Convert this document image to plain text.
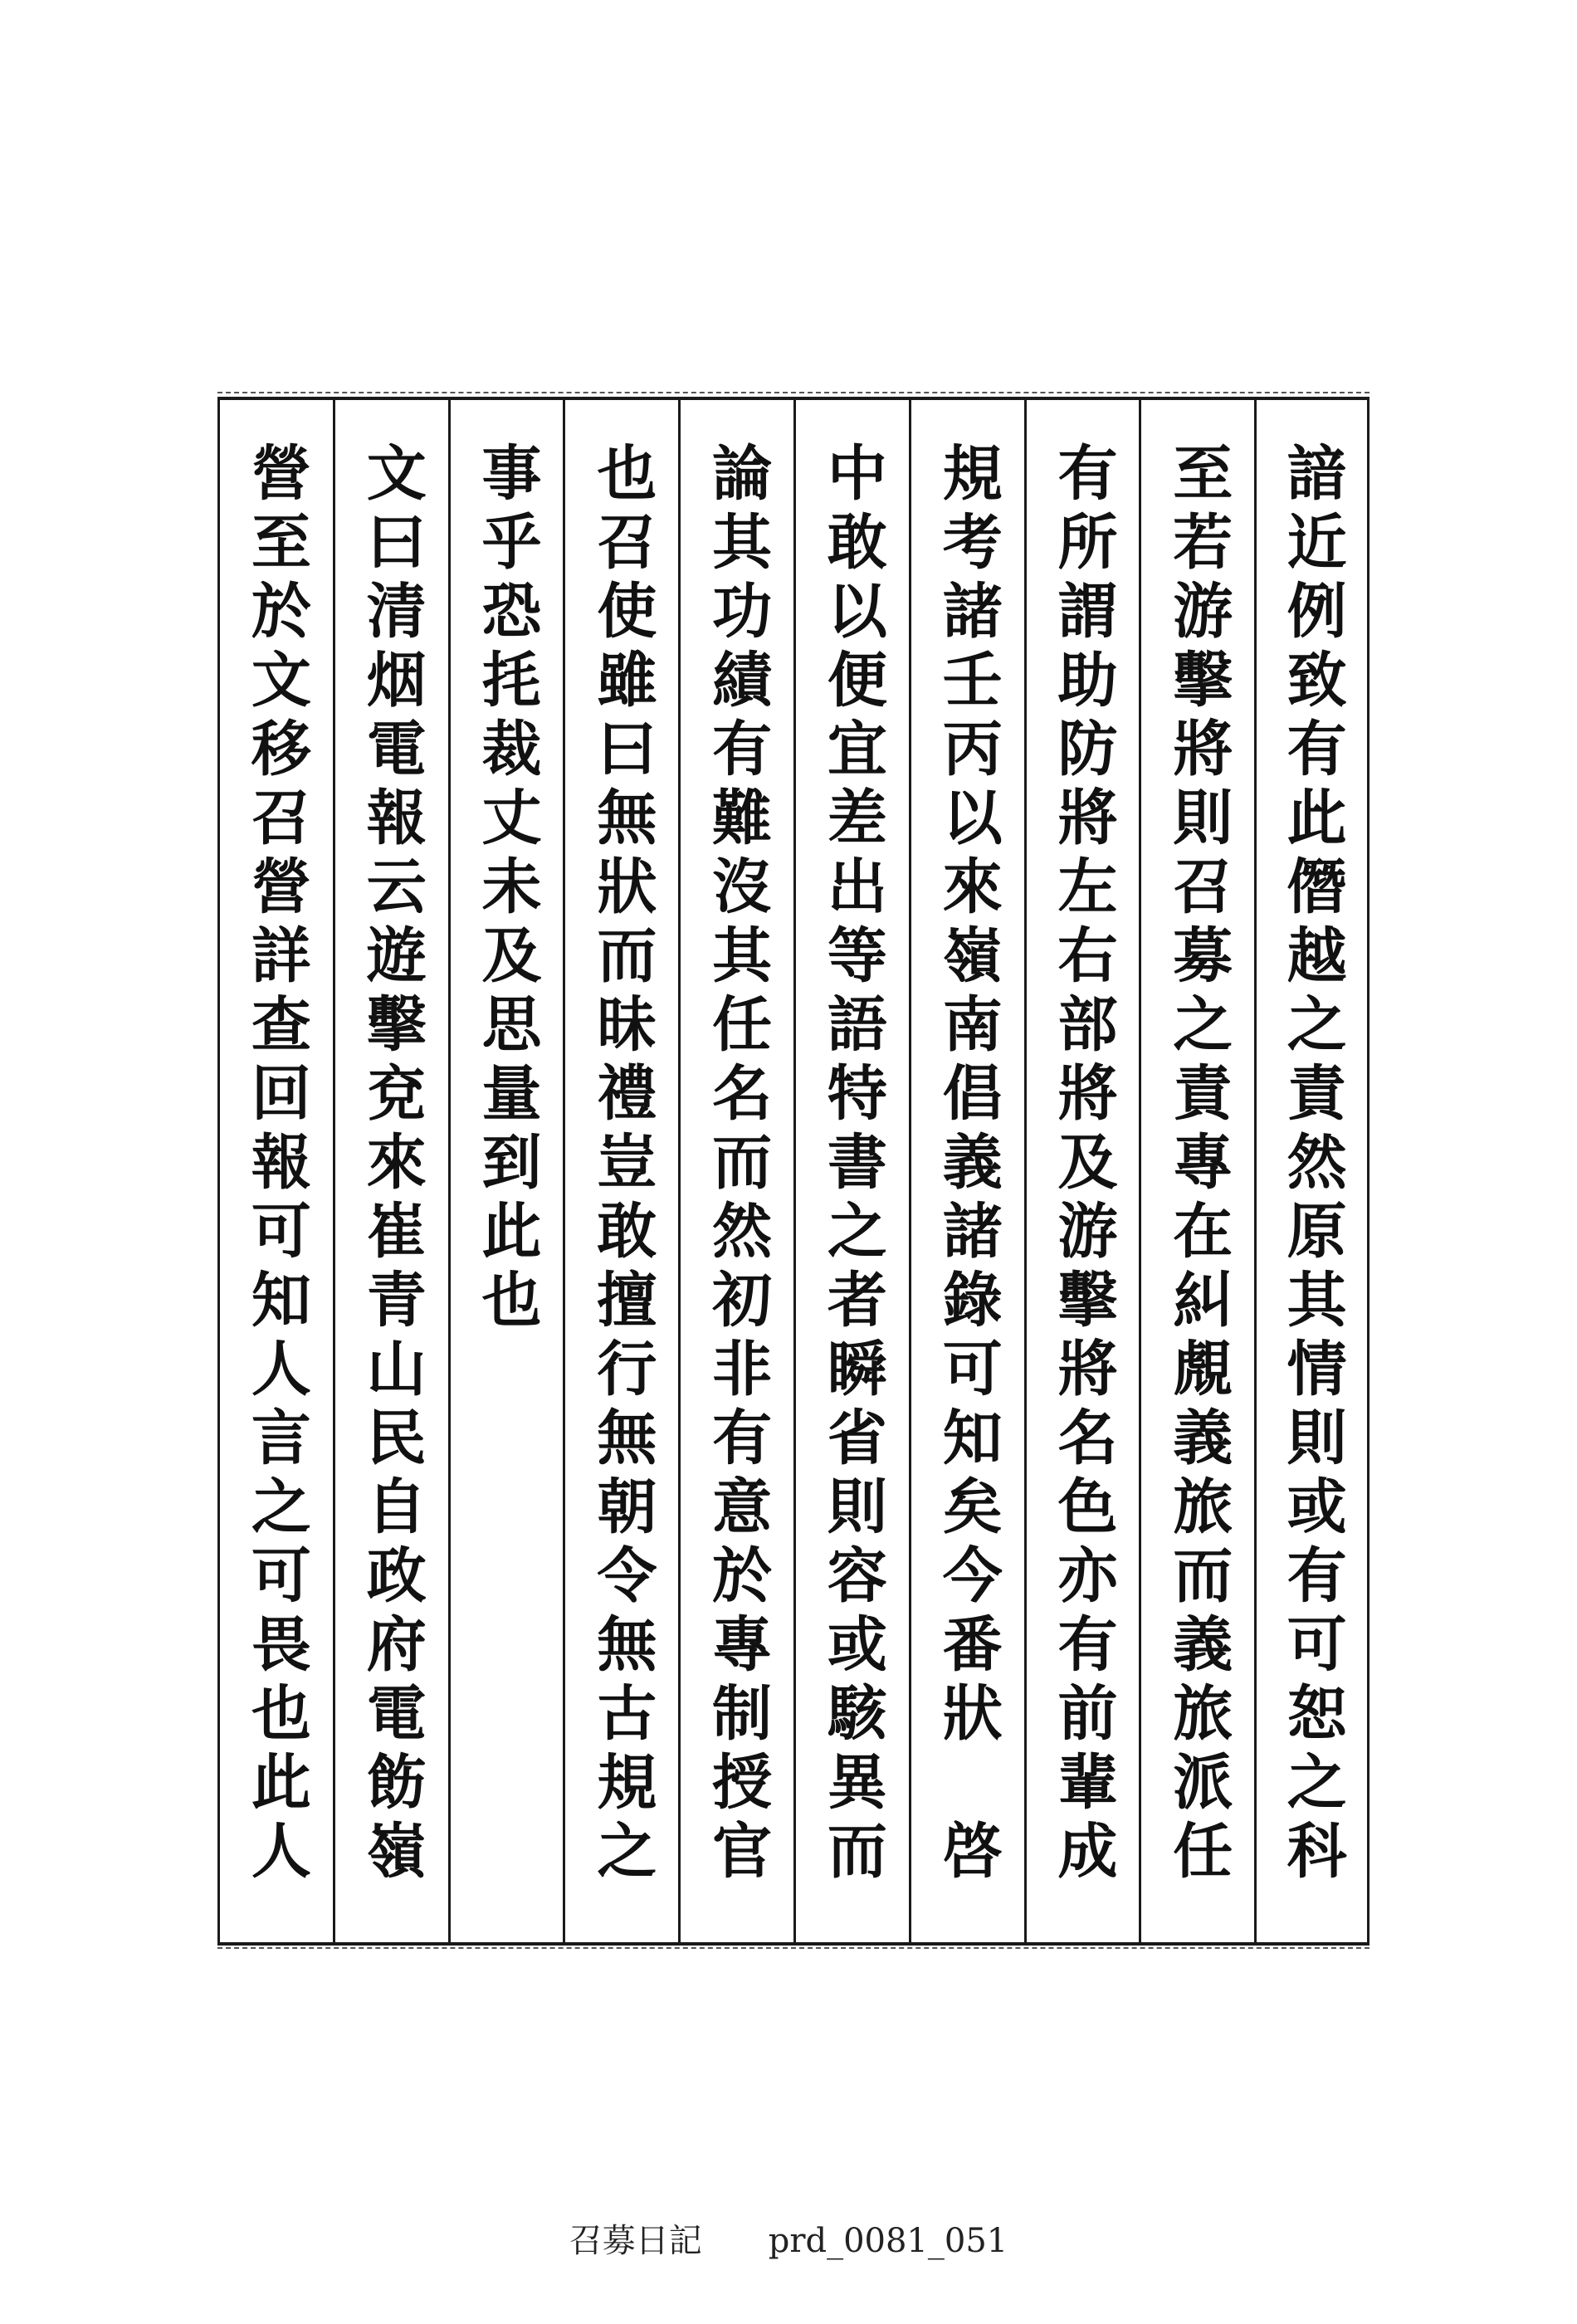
諳近例致有此僭越之責然原其情則或有可恕之科
至若游擊將則召募之責專在糾覤義旅而義旅派任
有所謂助防將左右部將及游擊將名色亦有前輩成
規考諸壬丙以來嶺南倡義諸錄可知矣今番狀　啓
中敢以便宜差出等語特書之者瞬省則容或駭異而
論其功績有難沒其任名而然初非有意於專制授官
也召使雖曰無狀而昧禮豈敢擅行無朝令無古規之
事乎恐㧌裁丈未及思量到此也
文曰清烟電報云遊擊兗來崔青山民自政府電飭嶺
營至於文移召營詳查回報可知人言之可畏也此人
召募日記 prd_0081_051
